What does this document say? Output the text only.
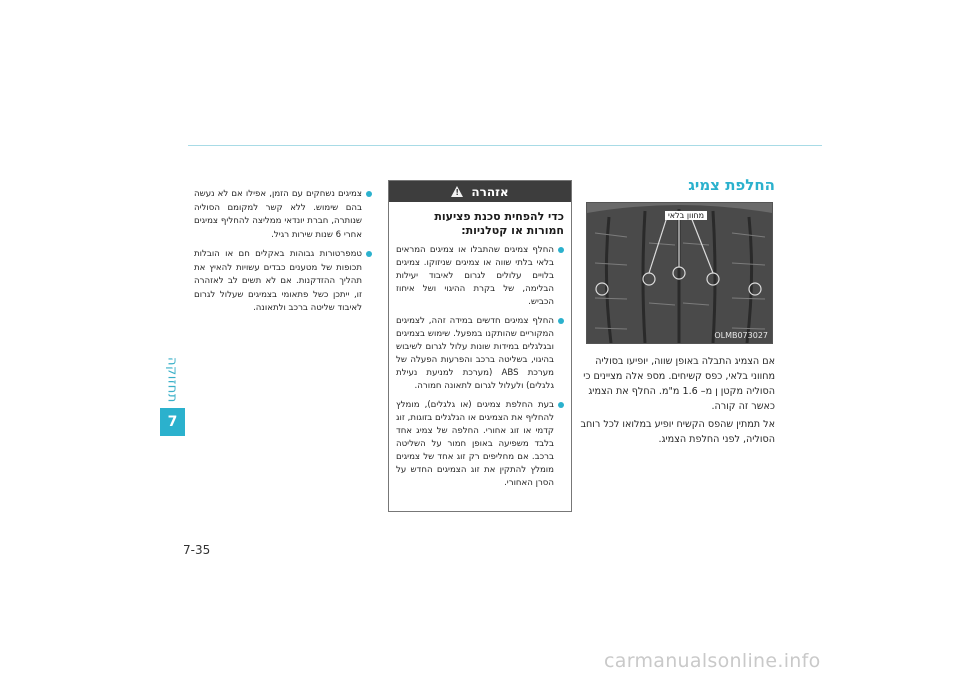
תחזוקה
7
7-35
החלפת צמיג
מחוון בלאי
OLMB073027

אם הצמיג התבלה באופן שווה, יופיעו בסוליה מחווני בלאי, כפס קשיחים. מספ אלה מציינים כי הסוליה מקטן ן מ– 1.6 מ"מ. החלף את הצמיג כאשר זה קורה.

אל תמתין שהפס הקשיח יופיע במלואו לכל רוחב הסוליה, לפני החלפת הצמיג.

אזהרה
!

כדי להפחית סכנת פציעות חמורות או קטלניות:

החלף צמיגים שהתבלו או צמיגים המראים בלאי בלתי שווה או צמיגים שניזוקו. צמיגים בלויים עלולים לגרום לאיבוד יעילות הבלימה, של בקרת ההיגוי ושל איחוז הכביש.
החלף צמיגים חדשים במידה זהה, לצמיגים המקוריים שהותקנו במפעל. שימוש בצמיגים ובגלגלים במידות שונות עלול לגרום לשיבוש בהיגוי, בשליטה ברכב והפרעות הפעלה של מערכת ABS (מערכת למניעת נעילת גלגלים) ולעלול לגרום לתאונה חמורה.
בעת החלפת צמיגים (או גלגלים), מומלץ להחליף את הצמיגים או הגלגלים בזוגות, זוג קדמי או זוג אחורי. החלפה של צמיג אחד בלבד משפיעה באופן חמור על השליטה ברכב. אם מחליפים רק זוג אחד של צמיגים מומלץ להתקין את זוג הצמיגים החדש על הסרן האחורי.
צמיגים נשחקים עם הזמן, אפילו אם לא נעשה בהם שימוש. ללא קשר למקומם הסוליה שנותרה, חברת יונדאי ממליצה להחליף צמיגים אחרי 6 שנות שירות רגיל.
טמפרטורות גבוהות באקלים חם או הובלות תכופות של מטענים כבדים עשויות להאיץ את תהליך ההזדקנות. אם לא תשים לב לאזהרה זו, ייתכן כשל פתאומי בצמיגים שעלול לגרום לאיבוד שליטה ברכב ולתאונה.
carmanualsonline.info
